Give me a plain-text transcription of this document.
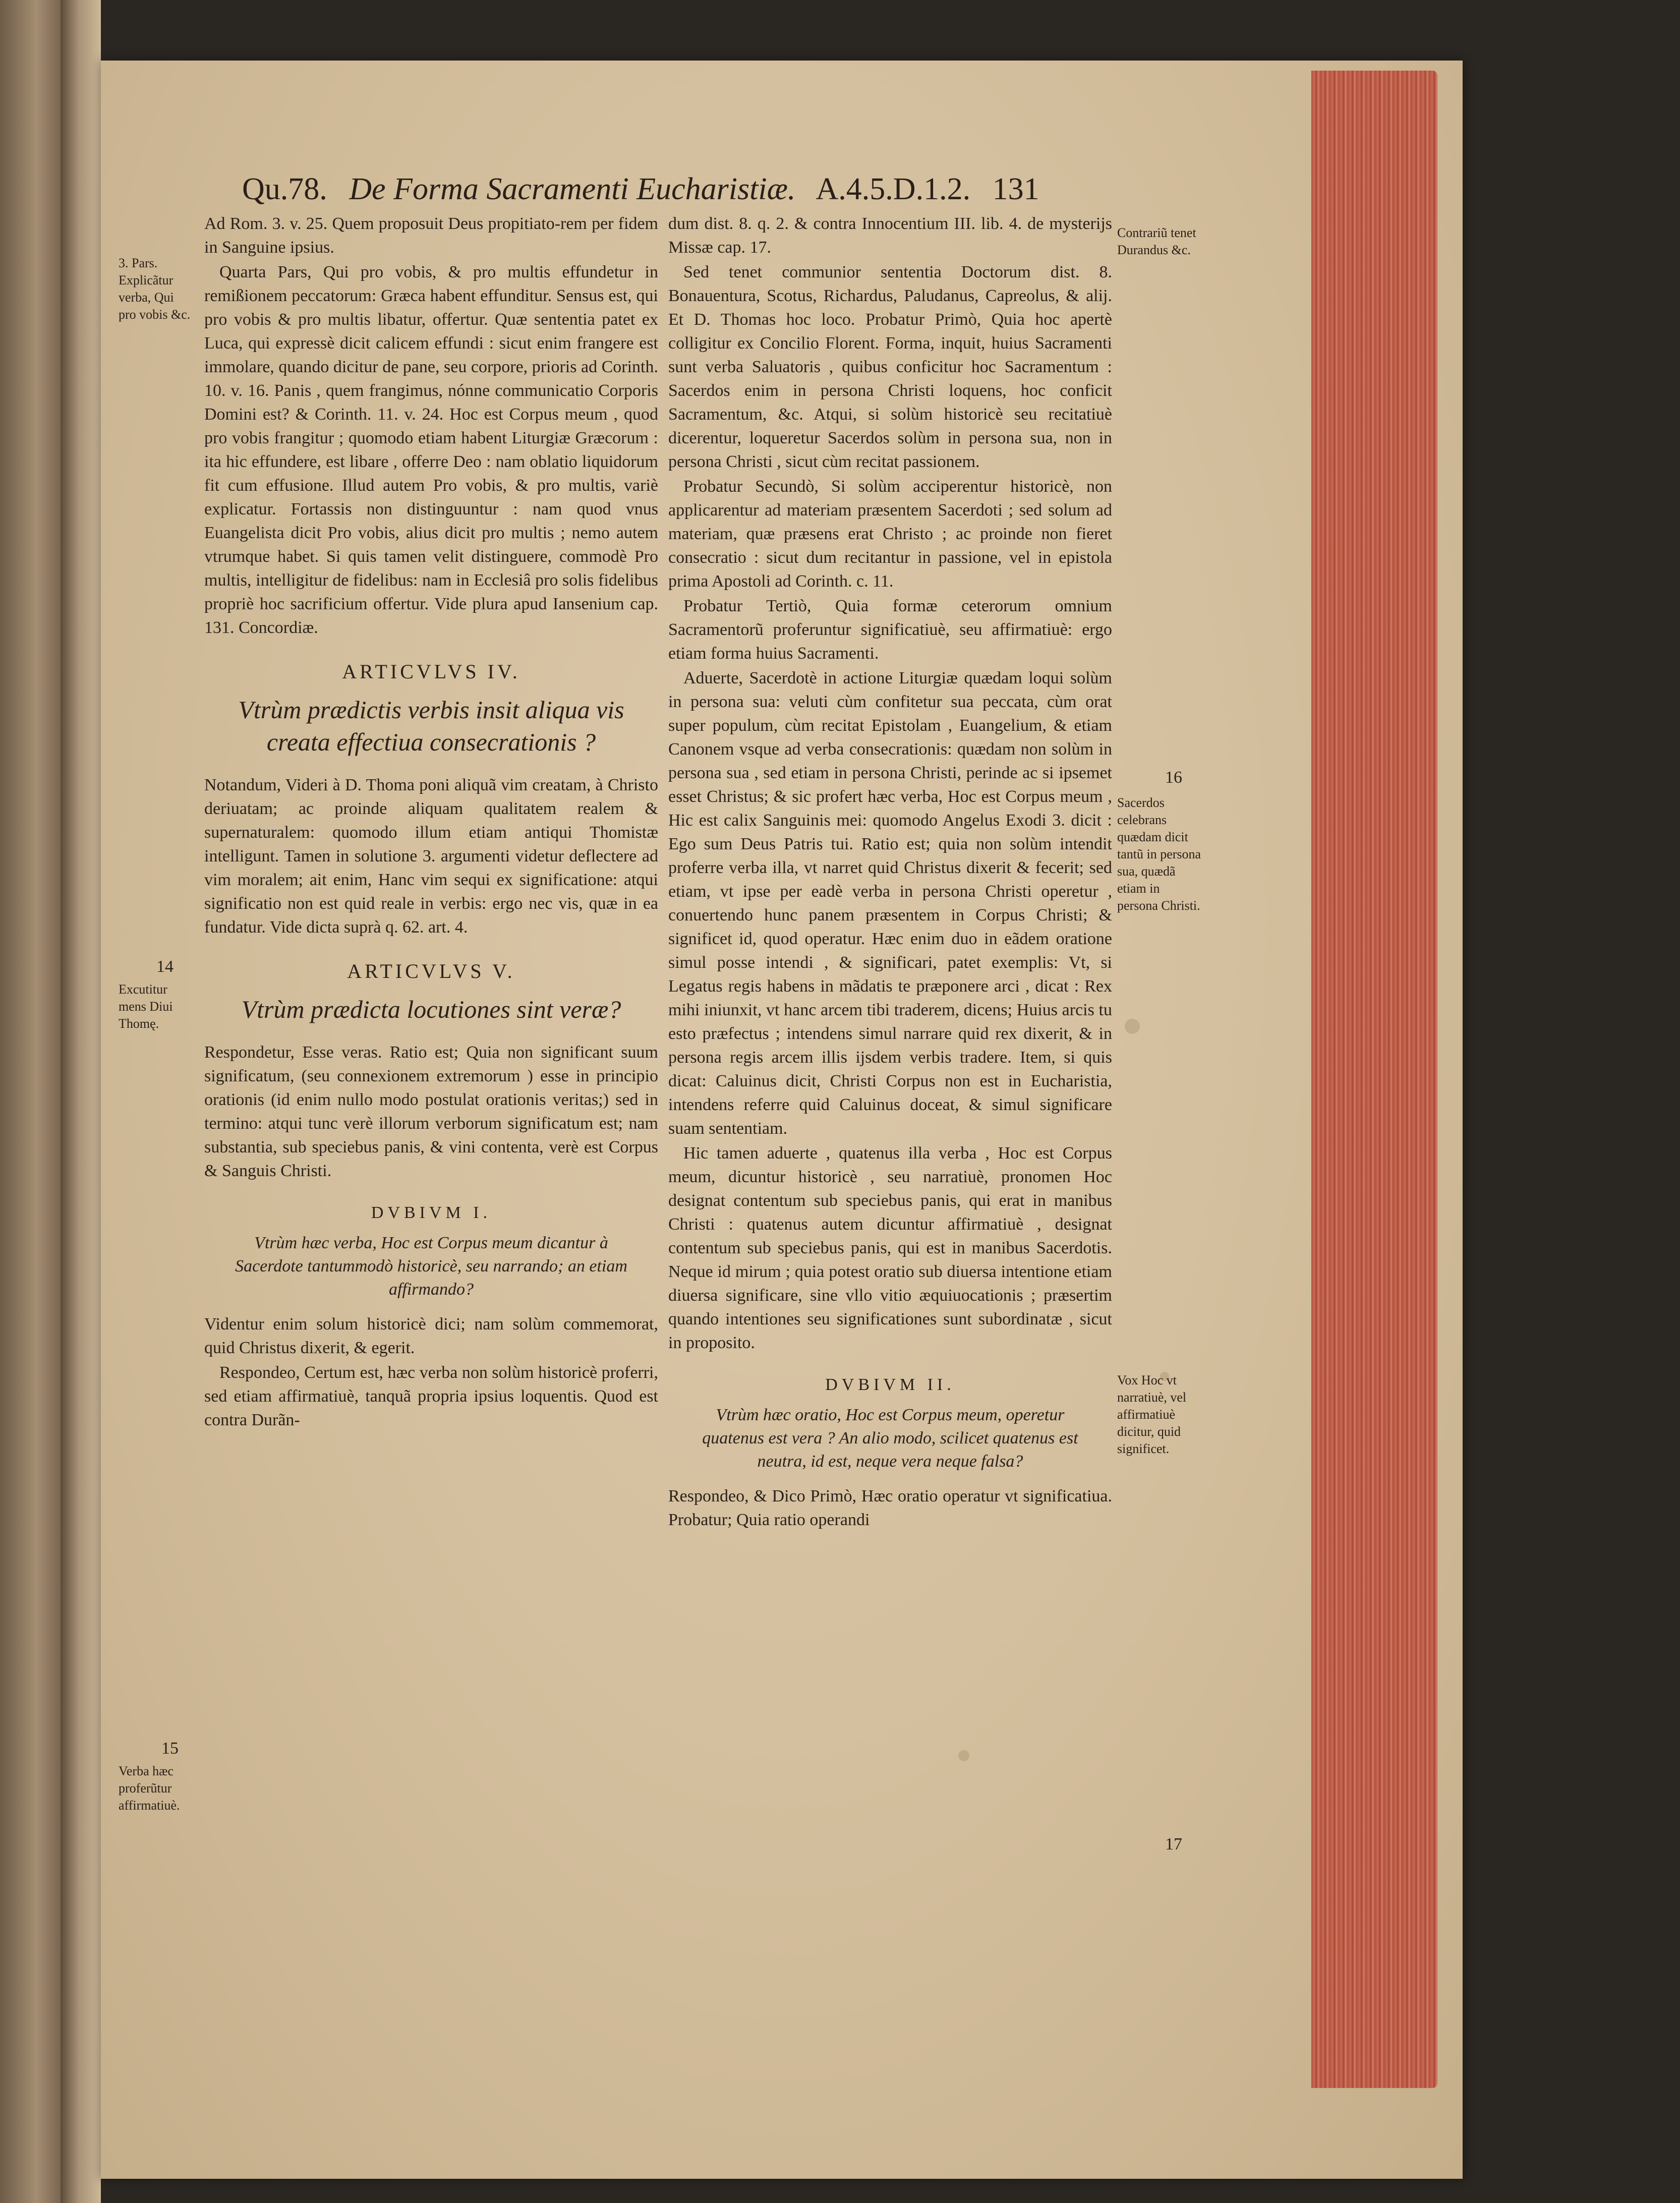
Qu.78. De Forma Sacramenti Eucharistiæ. A.4.5.D.1.2. 131

Ad Rom. 3. v. 25. Quem proposuit Deus propitiato-rem per fidem in Sanguine ipsius.

Quarta Pars, Qui pro vobis, & pro multis effundetur in remißionem peccatorum: Græca habent effunditur. Sensus est, qui pro vobis & pro multis libatur, offertur. Quæ sententia patet ex Luca, qui expressè dicit calicem effundi : sicut enim frangere est immolare, quando dicitur de pane, seu corpore, prioris ad Corinth. 10. v. 16. Panis , quem frangimus, nónne communicatio Corporis Domini est? & Corinth. 11. v. 24. Hoc est Corpus meum , quod pro vobis frangitur ; quomodo etiam habent Liturgiæ Græcorum : ita hic effundere, est libare , offerre Deo : nam oblatio liquidorum fit cum effusione. Illud autem Pro vobis, & pro multis, variè explicatur. Fortassis non distinguuntur : nam quod vnus Euangelista dicit Pro vobis, alius dicit pro multis ; nemo autem vtrumque habet. Si quis tamen velit distinguere, commodè Pro multis, intelligitur de fidelibus: nam in Ecclesiâ pro solis fidelibus propriè hoc sacrificium offertur. Vide plura apud Iansenium cap. 131. Concordiæ.

ARTICVLVS IV.
Vtrùm prædictis verbis insit aliqua vis creata effectiua consecrationis ?

Notandum, Videri à D. Thoma poni aliquã vim creatam, à Christo deriuatam; ac proinde aliquam qualitatem realem & supernaturalem: quomodo illum etiam antiqui Thomistæ intelligunt. Tamen in solutione 3. argumenti videtur deflectere ad vim moralem; ait enim, Hanc vim sequi ex significatione: atqui significatio non est quid reale in verbis: ergo nec vis, quæ in ea fundatur. Vide dicta suprà q. 62. art. 4.

ARTICVLVS V.
Vtrùm prædicta locutiones sint veræ?

Respondetur, Esse veras. Ratio est; Quia non significant suum significatum, (seu connexionem extremorum ) esse in principio orationis (id enim nullo modo postulat orationis veritas;) sed in termino: atqui tunc verè illorum verborum significatum est; nam substantia, sub speciebus panis, & vini contenta, verè est Corpus & Sanguis Christi.

DVBIVM I.
Vtrùm hæc verba, Hoc est Corpus meum dicantur à Sacerdote tantummodò historicè, seu narrando; an etiam affirmando?

Videntur enim solum historicè dici; nam solùm commemorat, quid Christus dixerit, & egerit.

Respondeo, Certum est, hæc verba non solùm historicè proferri, sed etiam affirmatiuè, tanquã propria ipsius loquentis. Quod est contra Durãn-

dum dist. 8. q. 2. & contra Innocentium III. lib. 4. de mysterijs Missæ cap. 17.

Sed tenet communior sententia Doctorum dist. 8. Bonauentura, Scotus, Richardus, Paludanus, Capreolus, & alij. Et D. Thomas hoc loco. Probatur Primò, Quia hoc apertè colligitur ex Concilio Florent. Forma, inquit, huius Sacramenti sunt verba Saluatoris , quibus conficitur hoc Sacramentum : Sacerdos enim in persona Christi loquens, hoc conficit Sacramentum, &c. Atqui, si solùm historicè seu recitatiuè dicerentur, loqueretur Sacerdos solùm in persona sua, non in persona Christi , sicut cùm recitat passionem.

Probatur Secundò, Si solùm acciperentur historicè, non applicarentur ad materiam præsentem Sacerdoti ; sed solum ad materiam, quæ præsens erat Christo ; ac proinde non fieret consecratio : sicut dum recitantur in passione, vel in epistola prima Apostoli ad Corinth. c. 11.

Probatur Tertiò, Quia formæ ceterorum omnium Sacramentorũ proferuntur significatiuè, seu affirmatiuè: ergo etiam forma huius Sacramenti.

Aduerte, Sacerdotè in actione Liturgiæ quædam loqui solùm in persona sua: veluti cùm confitetur sua peccata, cùm orat super populum, cùm recitat Epistolam , Euangelium, & etiam Canonem vsque ad verba consecrationis: quædam non solùm in persona sua , sed etiam in persona Christi, perinde ac si ipsemet esset Christus; & sic profert hæc verba, Hoc est Corpus meum , Hic est calix Sanguinis mei: quomodo Angelus Exodi 3. dicit : Ego sum Deus Patris tui. Ratio est; quia non solùm intendit proferre verba illa, vt narret quid Christus dixerit & fecerit; sed etiam, vt ipse per eadè verba in persona Christi operetur , conuertendo hunc panem præsentem in Corpus Christi; & significet id, quod operatur. Hæc enim duo in eãdem oratione simul posse intendi , & significari, patet exemplis: Vt, si Legatus regis habens in mãdatis te præponere arci , dicat : Rex mihi iniunxit, vt hanc arcem tibi traderem, dicens; Huius arcis tu esto præfectus ; intendens simul narrare quid rex dixerit, & in persona regis arcem illis ijsdem verbis tradere. Item, si quis dicat: Caluinus dicit, Christi Corpus non est in Eucharistia, intendens referre quid Caluinus doceat, & simul significare suam sententiam.

Hic tamen aduerte , quatenus illa verba , Hoc est Corpus meum, dicuntur historicè , seu narratiuè, pronomen Hoc designat contentum sub speciebus panis, qui erat in manibus Christi : quatenus autem dicuntur affirmatiuè , designat contentum sub speciebus panis, qui est in manibus Sacerdotis. Neque id mirum ; quia potest oratio sub diuersa intentione etiam diuersa significare, sine vllo vitio æquiuocationis ; præsertim quando intentiones seu significationes sunt subordinatæ , sicut in proposito.

DVBIVM II.
Vtrùm hæc oratio, Hoc est Corpus meum, operetur quatenus est vera ? An alio modo, scilicet quatenus est neutra, id est, neque vera neque falsa?

Respondeo, & Dico Primò, Hæc oratio operatur vt significatiua. Probatur; Quia ratio operandi

3. Pars. Explicãtur verba, Qui pro vobis &c.
14
Excutitur mens Diui Thomę.
15
Verba hæc proferũtur affirmatiuè.
Contrariũ tenet Durandus &c.
16
Sacerdos celebrans quædam dicit tantũ in persona sua, quædã etiam in persona Christi.
Vox Hoc vt narratiuè, vel affirmatiuè dicitur, quid significet.
17
